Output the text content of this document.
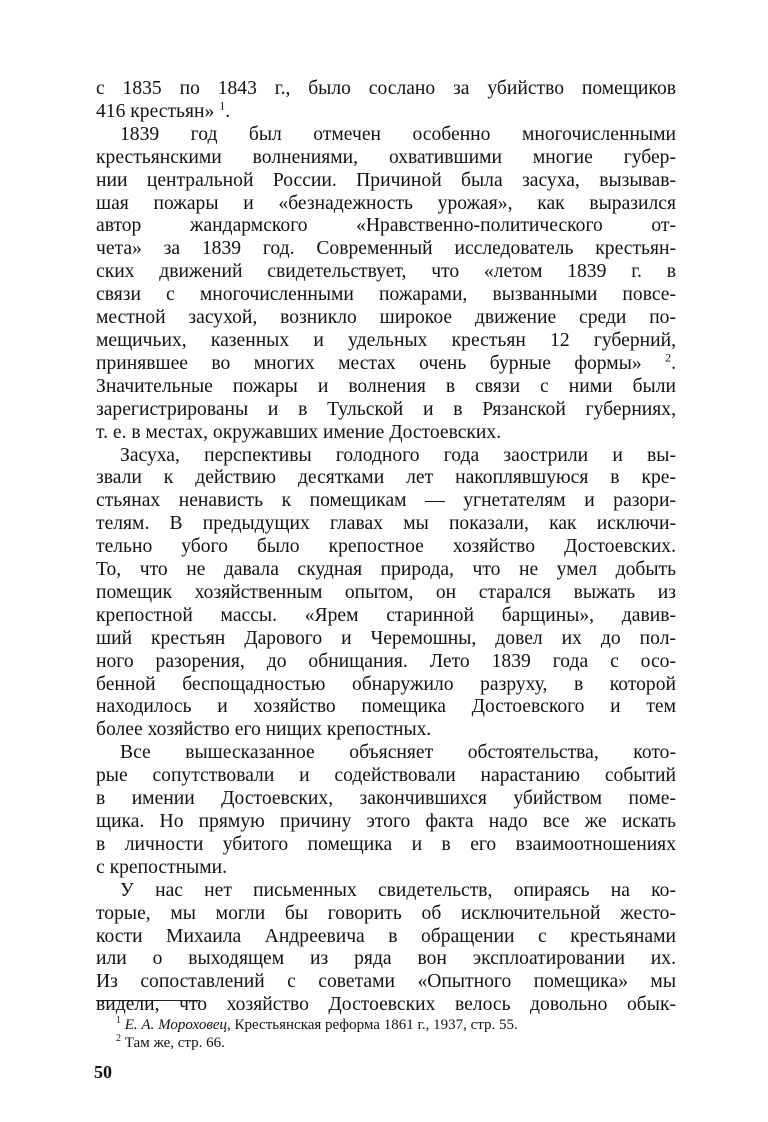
с 1835 по 1843 г., было сослано за убийство помещиков
416 крестьян» $^1$.

1839 год был отмечен особенно многочисленными
крестьянскими волнениями, охватившими многие губер-
нии центральной России. Причиной была засуха, вызывав-
шая пожары и «безнадежность урожая», как выразился
автор жандармского «Нравственно-политического от-
чета» за 1839 год. Современный исследователь крестьян-
ских движений свидетельствует, что «летом 1839 г. в
связи с многочисленными пожарами, вызванными повсе-
местной засухой, возникло широкое движение среди по-
мещичьих, казенных и удельных крестьян 12 губерний,
принявшее во многих местах очень бурные формы» $^2$.
Значительные пожары и волнения в связи с ними были
зарегистрированы и в Тульской и в Рязанской губерниях,
т. е. в местах, окружавших имение Достоевских.

Засуха, перспективы голодного года заострили и вы-
звали к действию десятками лет накоплявшуюся в кре-
стьянах ненависть к помещикам — угнетателям и разори-
телям. В предыдущих главах мы показали, как исключи-
тельно убого было крепостное хозяйство Достоевских.
То, что не давала скудная природа, что не умел добыть
помещик хозяйственным опытом, он старался выжать из
крепостной массы. «Ярем старинной барщины», давив-
ший крестьян Дарового и Черемошны, довел их до пол-
ного разорения, до обнищания. Лето 1839 года с осо-
бенной беспощадностью обнаружило разруху, в которой
находилось и хозяйство помещика Достоевского и тем
более хозяйство его нищих крепостных.

Все вышесказанное объясняет обстоятельства, кото-
рые сопутствовали и содействовали нарастанию событий
в имении Достоевских, закончившихся убийством поме-
щика. Но прямую причину этого факта надо все же искать
в личности убитого помещика и в его взаимоотношениях
с крепостными.

У нас нет письменных свидетельств, опираясь на ко-
торые, мы могли бы говорить об исключительной жесто-
кости Михаила Андреевича в обращении с крестьянами
или о выходящем из ряда вон эксплоатировании их.
Из сопоставлений с советами «Опытного помещика» мы
видели, что хозяйство Достоевских велось довольно обык-

$^1$ Е. А. Мороховец, Крестьянская реформа 1861 г., 1937, стр. 55.
$^2$ Там же, стр. 66.
50
